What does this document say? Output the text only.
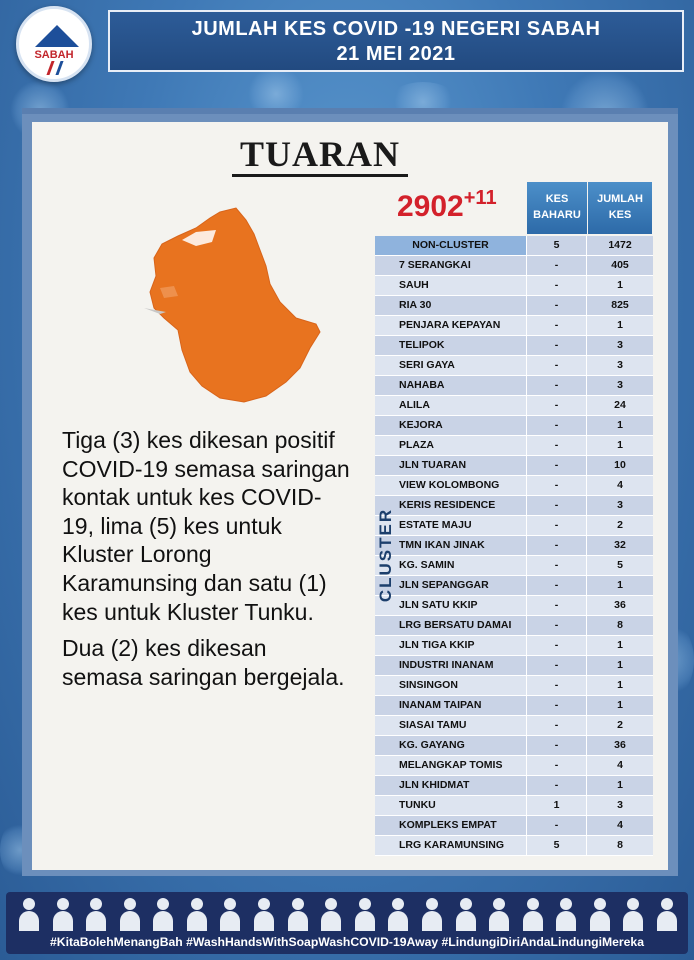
SABAH
JUMLAH KES COVID -19 NEGERI SABAH
21 MEI 2021
TUARAN
2902+11

Tiga (3) kes dikesan positif COVID-19 semasa saringan kontak untuk kes COVID-19, lima (5) kes untuk Kluster Lorong Karamunsing dan satu (1) kes untuk Kluster Tunku.

Dua (2) kes dikesan semasa saringan bergejala.

KES BAHARU
JUMLAH KES
NON-CLUSTER	5	1472
7 SERANGKAI	-	405
SAUH	-	1
RIA 30	-	825
PENJARA KEPAYAN	-	1
TELIPOK	-	3
SERI GAYA	-	3
NAHABA	-	3
ALILA	-	24
KEJORA	-	1
PLAZA	-	1
JLN TUARAN	-	10
VIEW KOLOMBONG	-	4
KERIS RESIDENCE	-	3
ESTATE MAJU	-	2
TMN IKAN JINAK	-	32
KG. SAMIN	-	5
JLN SEPANGGAR	-	1
JLN SATU KKIP	-	36
LRG BERSATU DAMAI	-	8
JLN TIGA KKIP	-	1
INDUSTRI INANAM	-	1
SINSINGON	-	1
INANAM TAIPAN	-	1
SIASAI TAMU	-	2
KG. GAYANG	-	36
MELANGKAP TOMIS	-	4
JLN KHIDMAT	-	1
TUNKU	1	3
KOMPLEKS EMPAT	-	4
LRG KARAMUNSING	5	8
CLUSTER
#KitaBolehMenangBah #WashHandsWithSoapWashCOVID-19Away #LindungiDiriAndaLindungiMereka
